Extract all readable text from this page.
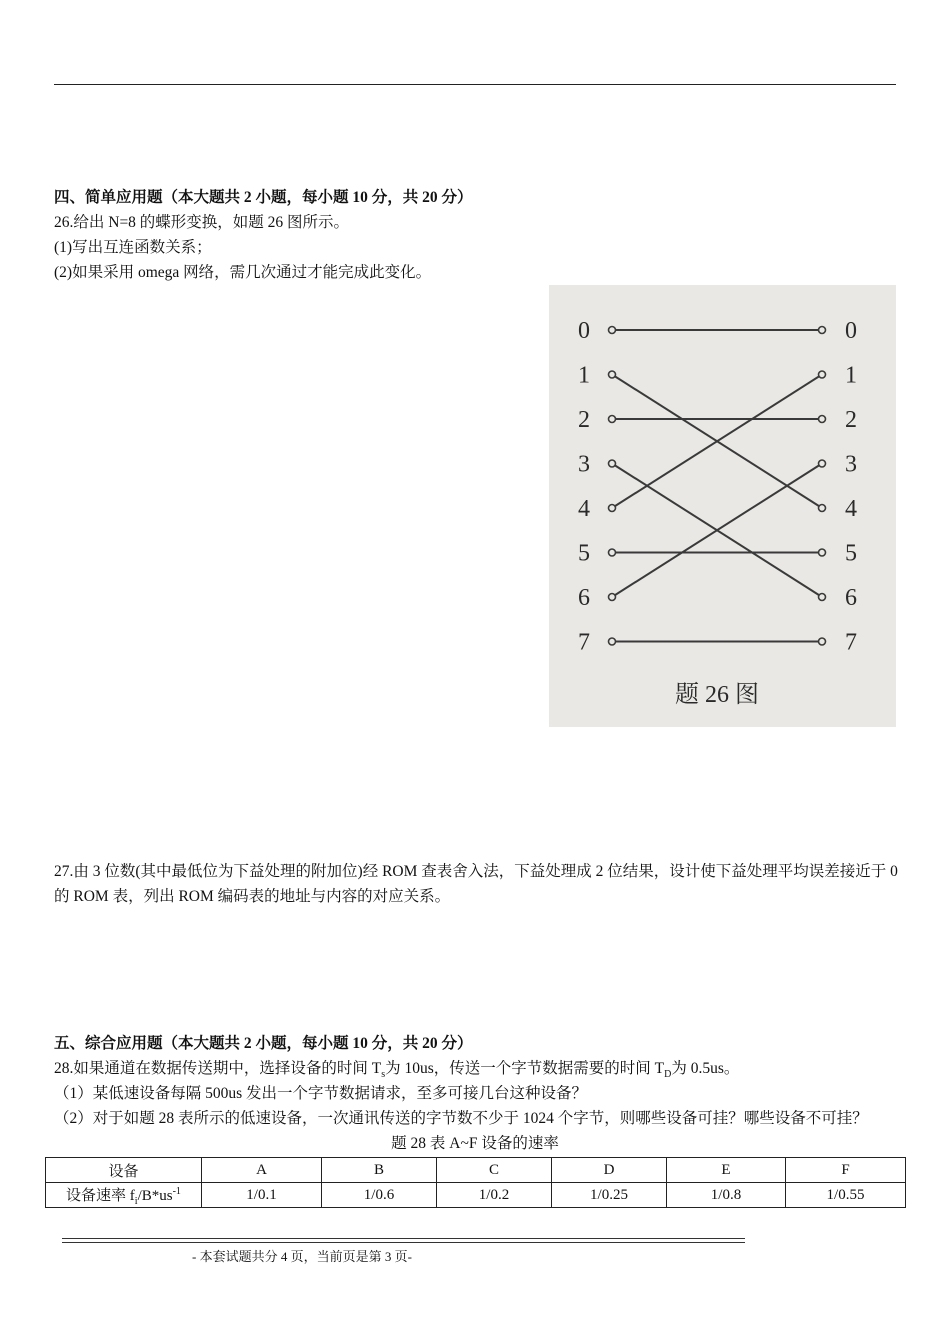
四、简单应用题（本大题共 2 小题，每小题 10 分，共 20 分）
26.给出 N=8 的蝶形变换，如题 26 图所示。
(1)写出互连函数关系；
(2)如果采用 omega 网络，需几次通过才能完成此变化。
0
1
2
3
4
5
6
7
0
1
2
3
4
5
6
7
题 26 图
27.由 3 位数(其中最低位为下益处理的附加位)经 ROM 查表舍入法，下益处理成 2 位结果，设计使下益处理平均误差接近于 0 的 ROM 表，列出 ROM 编码表的地址与内容的对应关系。
五、综合应用题（本大题共 2 小题，每小题 10 分，共 20 分）
28.如果通道在数据传送期中，选择设备的时间 $T_s$为 10us，传送一个字节数据需要的时间 $T_D$为 0.5us。
（1）某低速设备每隔 500us 发出一个字节数据请求，至多可接几台这种设备？
（2）对于如题 28 表所示的低速设备，一次通讯传送的字节数不少于 1024 个字节，则哪些设备可挂？哪些设备不可挂？
题 28 表 A~F 设备的速率
设备	A	B	C	D	E	F
设备速率 $f_i/B*us^{-1}$	1/0.1	1/0.6	1/0.2	1/0.25	1/0.8	1/0.55
- 本套试题共分 4 页，当前页是第 3 页-
